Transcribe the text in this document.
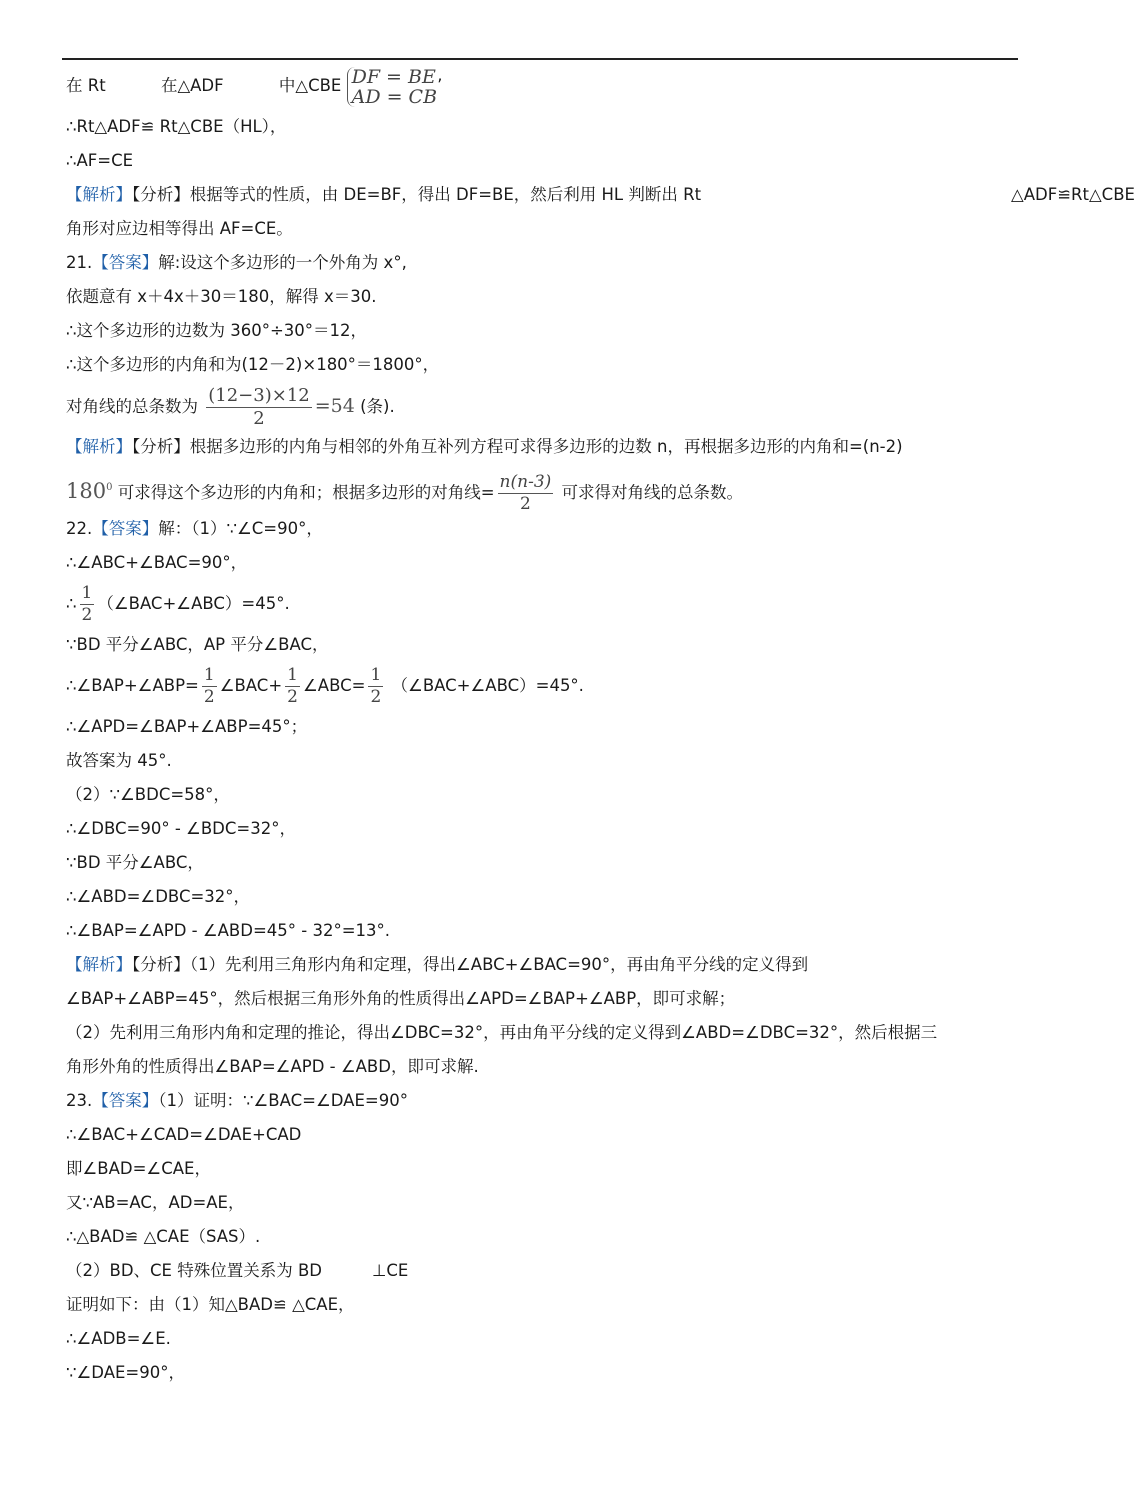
在 Rt	在△ADF	中△CBE DF = BE
AD = CB’
∴Rt△ADF≌ Rt△CBE（HL），
∴AF=CE
【解析】【分析】根据等式的性质，由 DE=BF，得出 DF=BE，然后利用 HL 判断出 Rt	△ADF≌Rt△CBE
角形对应边相等得出 AF=CE。
21.【答案】解:设这个多边形的一个外角为 x°,
依题意有 x＋4x＋30＝180，解得 x＝30.
∴这个多边形的边数为 360°÷30°＝12，
∴这个多边形的内角和为(12－2)×180°＝1800°，
对角线的总条数为 $\frac{(12-3)\times 12}{2} =54$ (条).
【解析】【分析】根据多边形的内角与相邻的外角互补列方程可求得多边形的边数 n，再根据多边形的内角和=(n-2)
$180^0$ 可求得这个多边形的内角和；根据多边形的对角线= $\frac{n(n-3)}{2}$ 可求得对角线的总条数。
22.【答案】解：（1）∵∠C=90°，
∴∠ABC+∠BAC=90°，
∴ $\frac{1}{2}$ （∠BAC+∠ABC）=45°.
∵BD 平分∠ABC，AP 平分∠BAC，
∴∠BAP+∠ABP= $\frac{1}{2}$ ∠BAC+ $\frac{1}{2}$ ∠ABC= $\frac{1}{2}$ （∠BAC+∠ABC）=45°.
∴∠APD=∠BAP+∠ABP=45°；
故答案为 45°.
（2）∵∠BDC=58°，
∴∠DBC=90° - ∠BDC=32°，
∵BD 平分∠ABC，
∴∠ABD=∠DBC=32°，
∴∠BAP=∠APD - ∠ABD=45° - 32°=13°.
【解析】【分析】（1）先利用三角形内角和定理，得出∠ABC+∠BAC=90°，再由角平分线的定义得到
∠BAP+∠ABP=45°，然后根据三角形外角的性质得出∠APD=∠BAP+∠ABP，即可求解；
（2）先利用三角形内角和定理的推论，得出∠DBC=32°，再由角平分线的定义得到∠ABD=∠DBC=32°，然后根据三
角形外角的性质得出∠BAP=∠APD - ∠ABD，即可求解.
23.【答案】（1）证明：∵∠BAC=∠DAE=90°
∴∠BAC+∠CAD=∠DAE+CAD
即∠BAD=∠CAE，
又∵AB=AC，AD=AE，
∴△BAD≌ △CAE（SAS）.
（2）BD、CE 特殊位置关系为 BD	⊥CE
证明如下：由（1）知△BAD≌ △CAE，
∴∠ADB=∠E.
∵∠DAE=90°，
